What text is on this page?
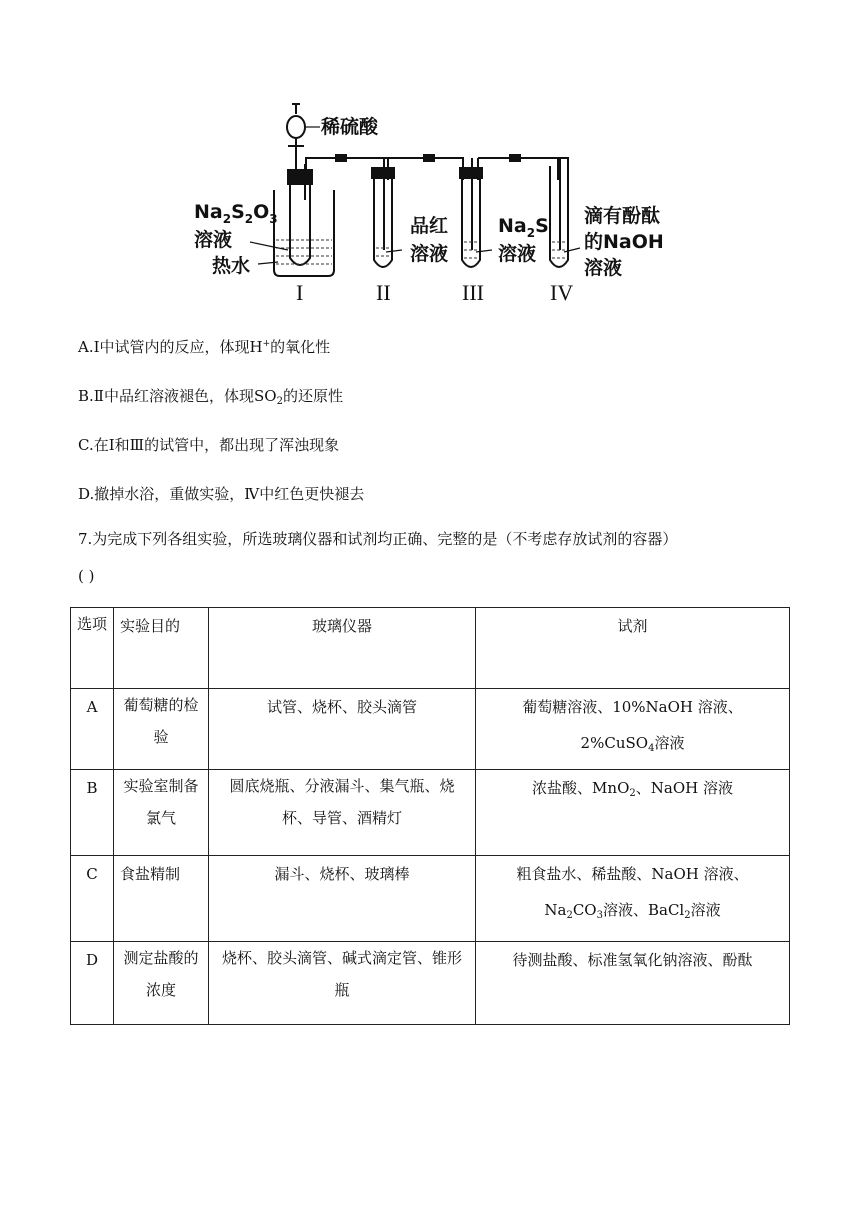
稀硫酸
$Na_2S_2O_3$
溶液
热水
品红
溶液
$Na_2S$
溶液
滴有酚酞
的NaOH
溶液
I	II	III	IV
A.Ⅰ中试管内的反应，体现H+的氧化性
B.Ⅱ中品红溶液褪色，体现$SO_2$的还原性
C.在Ⅰ和Ⅲ的试管中，都出现了浑浊现象
D.撤掉水浴，重做实验，Ⅳ中红色更快褪去
7.为完成下列各组实验，所选玻璃仪器和试剂均正确、完整的是（不考虑存放试剂的容器）
( )
选项	实验目的	玻璃仪器	试剂
A	葡萄糖的检验	试管、烧杯、胶头滴管	葡萄糖溶液、10%NaOH 溶液、
2%CuSO$_4$溶液

B	实验室制备氯气	圆底烧瓶、分液漏斗、集气瓶、烧杯、导管、酒精灯	浓盐酸、MnO$_2$、NaOH 溶液
C	食盐精制	漏斗、烧杯、玻璃棒	粗食盐水、稀盐酸、NaOH 溶液、
$Na_2CO_3$溶液、BaCl$_2$溶液

D	测定盐酸的浓度	烧杯、胶头滴管、碱式滴定管、锥形瓶	待测盐酸、标准氢氧化钠溶液、酚酞
